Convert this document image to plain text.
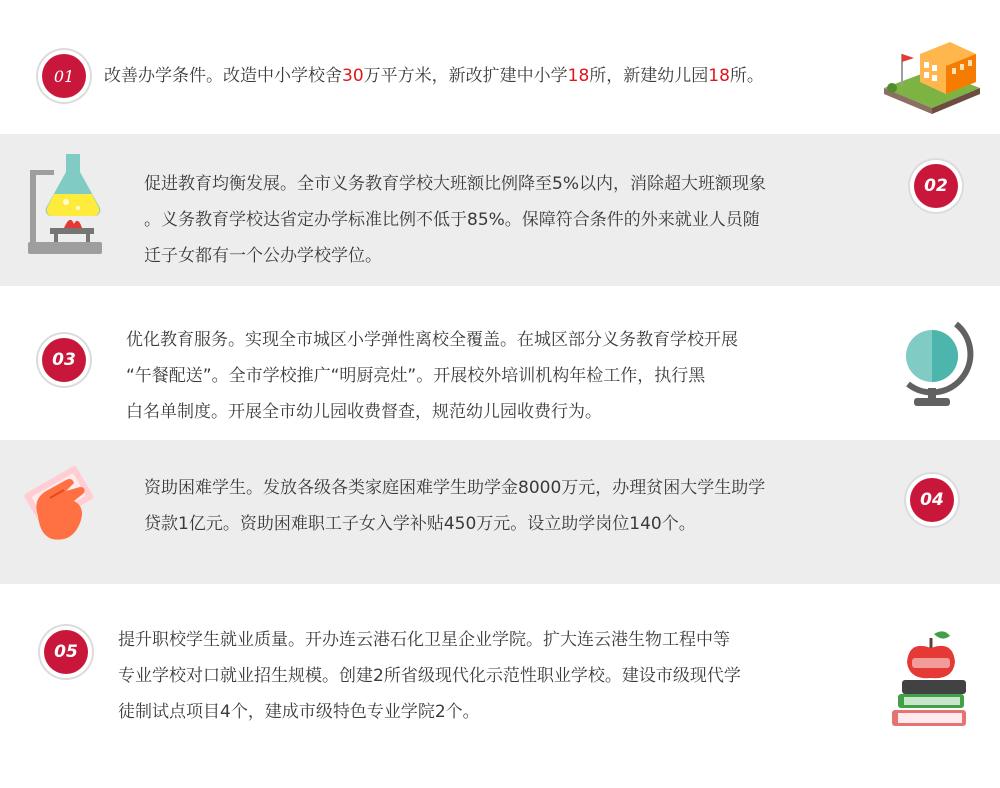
01	改善办学条件。改造中小学校舍30万平方米，新改扩建中小学18所，新建幼儿园18所。
促进教育均衡发展。全市义务教育学校大班额比例降至5%以内，消除超大班额现象
。义务教育学校达省定办学标准比例不低于85%。保障符合条件的外来就业人员随
迁子女都有一个公办学校学位。
02
03
优化教育服务。实现全市城区小学弹性离校全覆盖。在城区部分义务教育学校开展
“午餐配送”。全市学校推广“明厨亮灶”。开展校外培训机构年检工作，执行黑
白名单制度。开展全市幼儿园收费督查，规范幼儿园收费行为。
资助困难学生。发放各级各类家庭困难学生助学金8000万元，办理贫困大学生助学
贷款1亿元。资助困难职工子女入学补贴450万元。设立助学岗位140个。
04
05
提升职校学生就业质量。开办连云港石化卫星企业学院。扩大连云港生物工程中等
专业学校对口就业招生规模。创建2所省级现代化示范性职业学校。建设市级现代学
徒制试点项目4个，建成市级特色专业学院2个。
